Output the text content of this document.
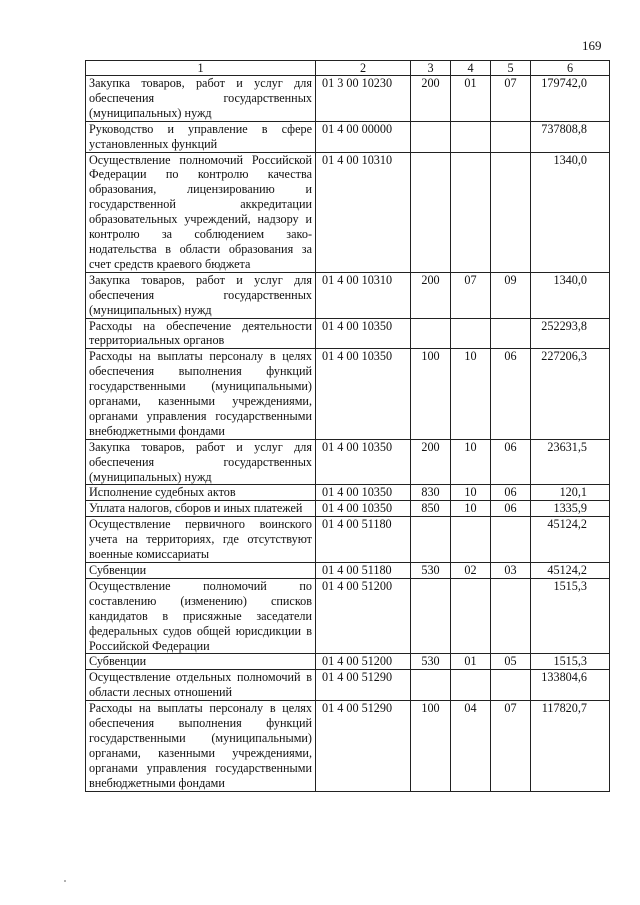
169
1	2	3	4	5	6
Закупка товаров, работ и услуг для обеспечения государственных (муниципальных) нужд	01 3 00 10230	200	01	07	179742,0
Руководство и управление в сфере установленных функций	01 4 00 00000				737808,8
Осуществление полномочий Российской Федерации по контролю качества образования, лицензированию и государственной аккредитации образовательных учреждений, надзору и контролю за соблюдением законодательства в области образования за счет средств краевого бюджета	01 4 00 10310				1340,0
Закупка товаров, работ и услуг для обеспечения государственных (муниципальных) нужд	01 4 00 10310	200	07	09	1340,0
Расходы на обеспечение деятельности территориальных органов	01 4 00 10350				252293,8
Расходы на выплаты персоналу в целях обеспечения выполнения функций государственными (муниципальными) органами, казенными учреждениями, органами управления государственными внебюджетными фондами	01 4 00 10350	100	10	06	227206,3
Закупка товаров, работ и услуг для обеспечения государственных (муниципальных) нужд	01 4 00 10350	200	10	06	23631,5
Исполнение судебных актов	01 4 00 10350	830	10	06	120,1
Уплата налогов, сборов и иных платежей	01 4 00 10350	850	10	06	1335,9
Осуществление первичного воинского учета на территориях, где отсутствуют военные комиссариаты	01 4 00 51180				45124,2
Субвенции	01 4 00 51180	530	02	03	45124,2
Осуществление полномочий по составлению (изменению) списков кандидатов в присяжные заседатели федеральных судов общей юрисдикции в Российской Федерации	01 4 00 51200				1515,3
Субвенции	01 4 00 51200	530	01	05	1515,3
Осуществление отдельных полномочий в области лесных отношений	01 4 00 51290				133804,6
Расходы на выплаты персоналу в целях обеспечения выполнения функций государственными (муниципальными) органами, казенными учреждениями, органами управления государственными внебюджетными фондами	01 4 00 51290	100	04	07	117820,7
